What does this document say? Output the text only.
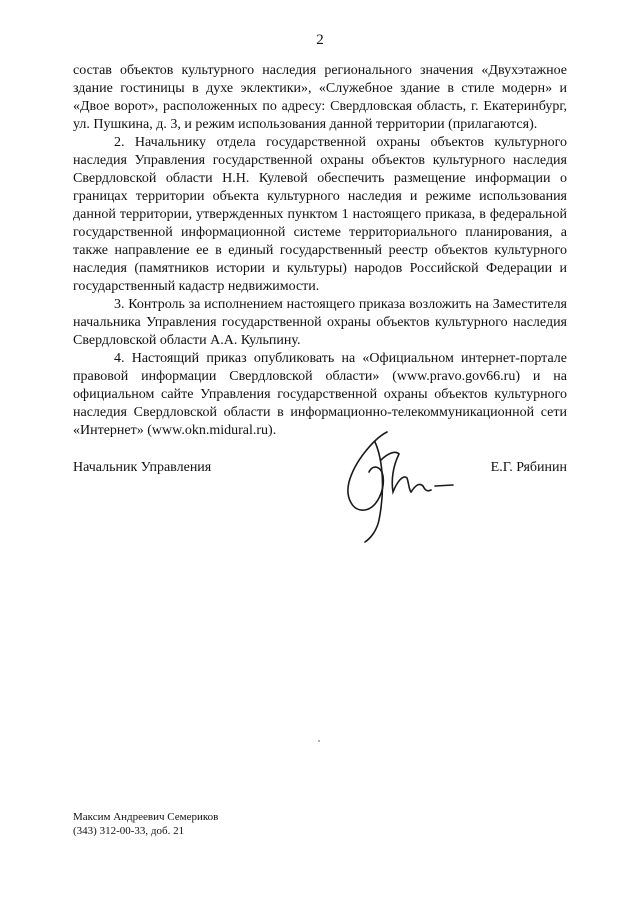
2

состав объектов культурного наследия регионального значения «Двухэтажное здание гостиницы в духе эклектики», «Служебное здание в стиле модерн» и «Двое ворот», расположенных по адресу: Свердловская область, г. Екатеринбург, ул. Пушкина, д. 3, и режим использования данной территории (прилагаются).

2. Начальнику отдела государственной охраны объектов культурного наследия Управления государственной охраны объектов культурного наследия Свердловской области Н.Н. Кулевой обеспечить размещение информации о границах территории объекта культурного наследия и режиме использования данной территории, утвержденных пунктом 1 настоящего приказа, в федеральной государственной информационной системе территориального планирования, а также направление ее в единый государственный реестр объектов культурного наследия (памятников истории и культуры) народов Российской Федерации и государственный кадастр недвижимости.

3. Контроль за исполнением настоящего приказа возложить на Заместителя начальника Управления государственной охраны объектов культурного наследия Свердловской области А.А. Кульпину.

4. Настоящий приказ опубликовать на «Официальном интернет-портале правовой информации Свердловской области» (www.pravo.gov66.ru) и на официальном сайте Управления государственной охраны объектов культурного наследия Свердловской области в информационно-телекоммуникационной сети «Интернет» (www.okn.midural.ru).

Начальник Управления	Е.Г. Рябинин
Максим Андреевич Семериков
(343) 312-00-33, доб. 21
